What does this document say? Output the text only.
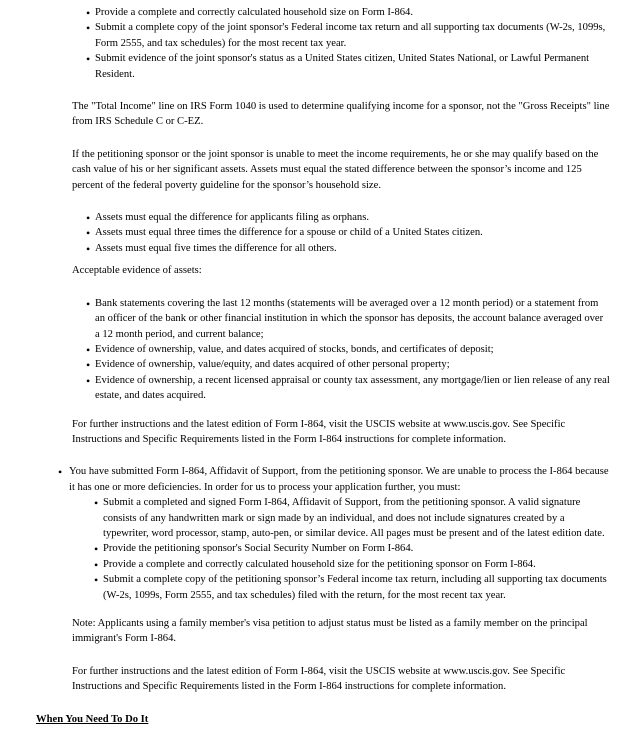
• Provide a complete and correctly calculated household size on Form I-864.
• Submit a complete copy of the joint sponsor's Federal income tax return and all supporting tax documents (W-2s, 1099s, Form 2555, and tax schedules) for the most recent tax year.
• Submit evidence of the joint sponsor's status as a United States citizen, United States National, or Lawful Permanent Resident.

The "Total Income" line on IRS Form 1040 is used to determine qualifying income for a sponsor, not the "Gross Receipts" line from IRS Schedule C or C-EZ.

If the petitioning sponsor or the joint sponsor is unable to meet the income requirements, he or she may qualify based on the cash value of his or her significant assets. Assets must equal the stated difference between the sponsor’s income and 125 percent of the federal poverty guideline for the sponsor’s household size.

• Assets must equal the difference for applicants filing as orphans.
• Assets must equal three times the difference for a spouse or child of a United States citizen.
• Assets must equal five times the difference for all others.

Acceptable evidence of assets:

• Bank statements covering the last 12 months (statements will be averaged over a 12 month period) or a statement from an officer of the bank or other financial institution in which the sponsor has deposits, the account balance averaged over a 12 month period, and current balance;
• Evidence of ownership, value, and dates acquired of stocks, bonds, and certificates of deposit;
• Evidence of ownership, value/equity, and dates acquired of other personal property;
• Evidence of ownership, a recent licensed appraisal or county tax assessment, any mortgage/lien or lien release of any real estate, and dates acquired.

For further instructions and the latest edition of Form I-864, visit the USCIS website at www.uscis.gov. See Specific Instructions and Specific Requirements listed in the Form I-864 instructions for complete information.

• You have submitted Form I-864, Affidavit of Support, from the petitioning sponsor. We are unable to process the I-864 because it has one or more deficiencies. In order for us to process your application further, you must:

• Submit a completed and signed Form I-864, Affidavit of Support, from the petitioning sponsor. A valid signature consists of any handwritten mark or sign made by an individual, and does not include signatures created by a typewriter, word processor, stamp, auto-pen, or similar device. All pages must be present and of the latest edition date.
• Provide the petitioning sponsor's Social Security Number on Form I-864.
• Provide a complete and correctly calculated household size for the petitioning sponsor on Form I-864.
• Submit a complete copy of the petitioning sponsor’s Federal income tax return, including all supporting tax documents (W-2s, 1099s, Form 2555, and tax schedules) filed with the return, for the most recent tax year.

Note: Applicants using a family member's visa petition to adjust status must be listed as a family member on the principal immigrant's Form I-864.

For further instructions and the latest edition of Form I-864, visit the USCIS website at www.uscis.gov. See Specific Instructions and Specific Requirements listed in the Form I-864 instructions for complete information.

When You Need To Do It
